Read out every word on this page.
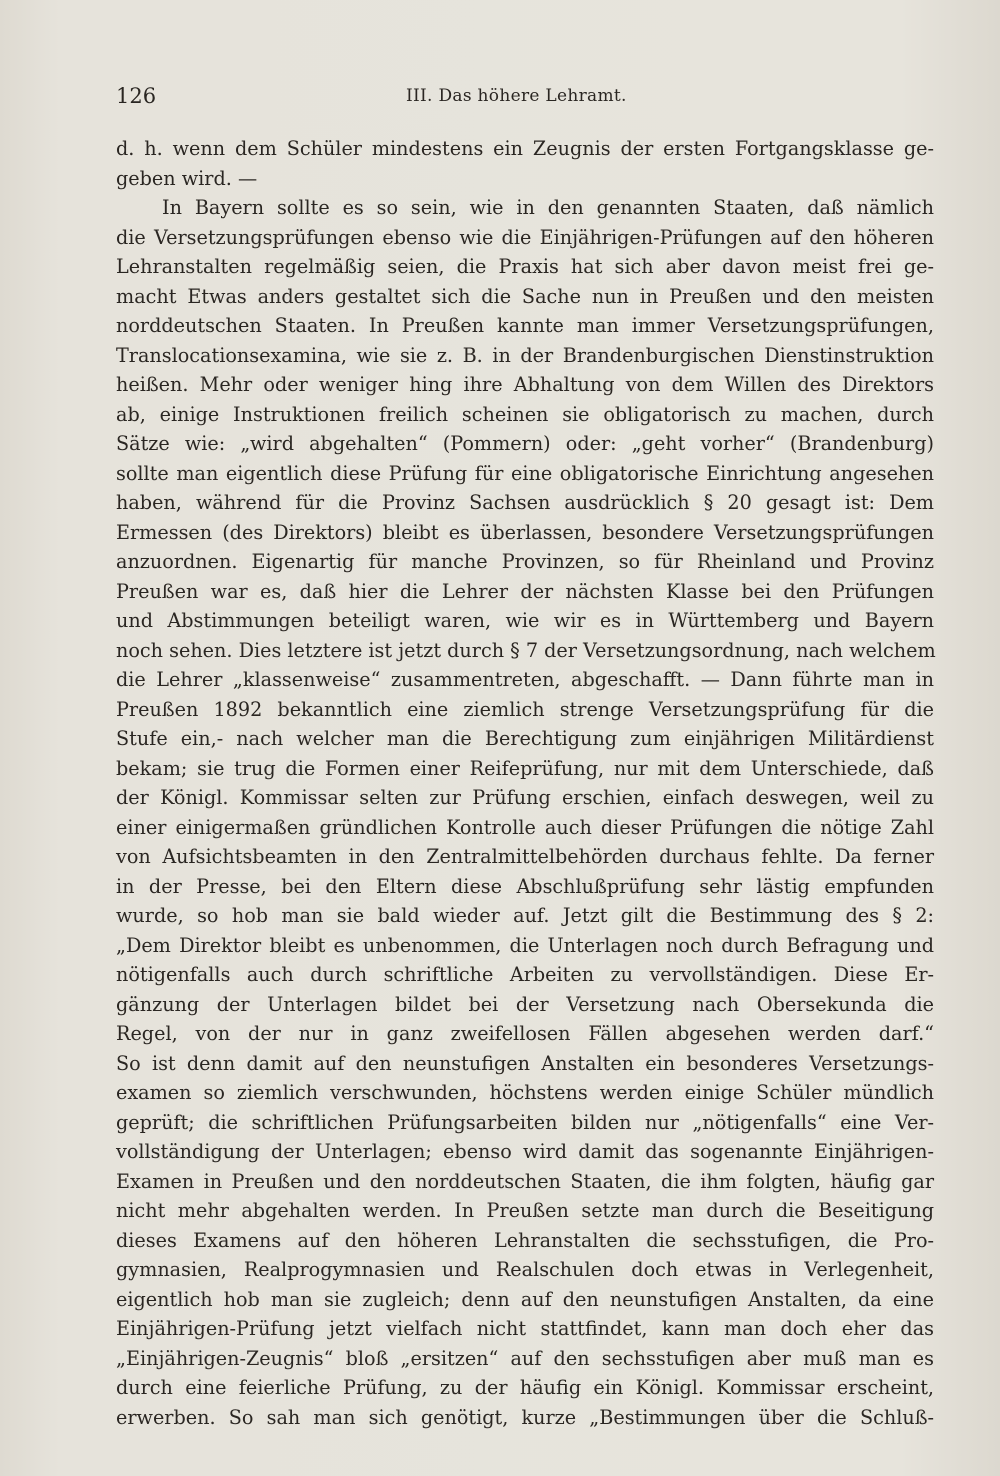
126	III. Das höhere Lehramt.
d. h. wenn dem Schüler mindestens ein Zeugnis der ersten Fortgangsklasse ge-
geben wird. —
In Bayern sollte es so sein, wie in den genannten Staaten, daß nämlich
die Versetzungsprüfungen ebenso wie die Einjährigen-Prüfungen auf den höheren
Lehranstalten regelmäßig seien, die Praxis hat sich aber davon meist frei ge-
macht Etwas anders gestaltet sich die Sache nun in Preußen und den meisten
norddeutschen Staaten. In Preußen kannte man immer Versetzungsprüfungen,
Translocationsexamina, wie sie z. B. in der Brandenburgischen Dienstinstruktion
heißen. Mehr oder weniger hing ihre Abhaltung von dem Willen des Direktors
ab, einige Instruktionen freilich scheinen sie obligatorisch zu machen, durch
Sätze wie: „wird abgehalten“ (Pommern) oder: „geht vorher“ (Brandenburg)
sollte man eigentlich diese Prüfung für eine obligatorische Einrichtung angesehen
haben, während für die Provinz Sachsen ausdrücklich § 20 gesagt ist: Dem
Ermessen (des Direktors) bleibt es überlassen, besondere Versetzungsprüfungen
anzuordnen. Eigenartig für manche Provinzen, so für Rheinland und Provinz
Preußen war es, daß hier die Lehrer der nächsten Klasse bei den Prüfungen
und Abstimmungen beteiligt waren, wie wir es in Württemberg und Bayern
noch sehen. Dies letztere ist jetzt durch § 7 der Versetzungsordnung, nach welchem
die Lehrer „klassenweise“ zusammentreten, abgeschafft. — Dann führte man in
Preußen 1892 bekanntlich eine ziemlich strenge Versetzungsprüfung für die
Stufe ein,- nach welcher man die Berechtigung zum einjährigen Militärdienst
bekam; sie trug die Formen einer Reifeprüfung, nur mit dem Unterschiede, daß
der Königl. Kommissar selten zur Prüfung erschien, einfach deswegen, weil zu
einer einigermaßen gründlichen Kontrolle auch dieser Prüfungen die nötige Zahl
von Aufsichtsbeamten in den Zentralmittelbehörden durchaus fehlte. Da ferner
in der Presse, bei den Eltern diese Abschlußprüfung sehr lästig empfunden
wurde, so hob man sie bald wieder auf. Jetzt gilt die Bestimmung des § 2:
„Dem Direktor bleibt es unbenommen, die Unterlagen noch durch Befragung und
nötigenfalls auch durch schriftliche Arbeiten zu vervollständigen. Diese Er-
gänzung der Unterlagen bildet bei der Versetzung nach Obersekunda die
Regel, von der nur in ganz zweifellosen Fällen abgesehen werden darf.“
So ist denn damit auf den neunstufigen Anstalten ein besonderes Versetzungs-
examen so ziemlich verschwunden, höchstens werden einige Schüler mündlich
geprüft; die schriftlichen Prüfungsarbeiten bilden nur „nötigenfalls“ eine Ver-
vollständigung der Unterlagen; ebenso wird damit das sogenannte Einjährigen-
Examen in Preußen und den norddeutschen Staaten, die ihm folgten, häufig gar
nicht mehr abgehalten werden. In Preußen setzte man durch die Beseitigung
dieses Examens auf den höheren Lehranstalten die sechsstufigen, die Pro-
gymnasien, Realprogymnasien und Realschulen doch etwas in Verlegenheit,
eigentlich hob man sie zugleich; denn auf den neunstufigen Anstalten, da eine
Einjährigen-Prüfung jetzt vielfach nicht stattfindet, kann man doch eher das
„Einjährigen-Zeugnis“ bloß „ersitzen“ auf den sechsstufigen aber muß man es
durch eine feierliche Prüfung, zu der häufig ein Königl. Kommissar erscheint,
erwerben. So sah man sich genötigt, kurze „Bestimmungen über die Schluß-
